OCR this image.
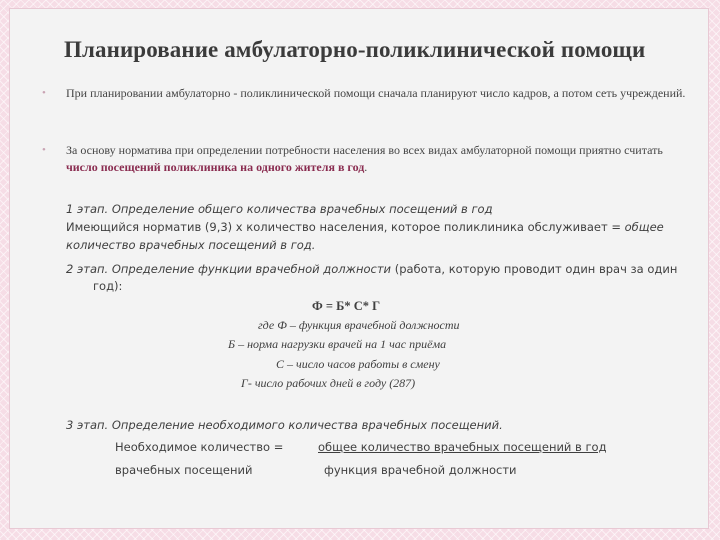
Планирование амбулаторно-поликлинической помощи
• При планировании амбулаторно - поликлинической помощи сначала планируют число кадров, а потом сеть учреждений.
• За основу норматива при определении потребности населения во всех видах амбулаторной помощи приятно считать число посещений поликлиника на одного жителя в год.
1 этап. Определение общего количества врачебных посещений в год
Имеющийся норматив (9,3) х количество населения, которое поликлиника обслуживает = общее
количество врачебных посещений в год.
2 этап. Определение функции врачебной должности (работа, которую проводит один врач за один
год):
Ф = Б* С* Г
где Ф – функция врачебной должности
Б – норма нагрузки врачей на 1 час приёма
С – число часов работы в смену
Г- число рабочих дней в году (287)
3 этап. Определение необходимого количества врачебных посещений.
Необходимое количество =	общее количество врачебных посещений в год
врачебных посещений	функция врачебной должности
